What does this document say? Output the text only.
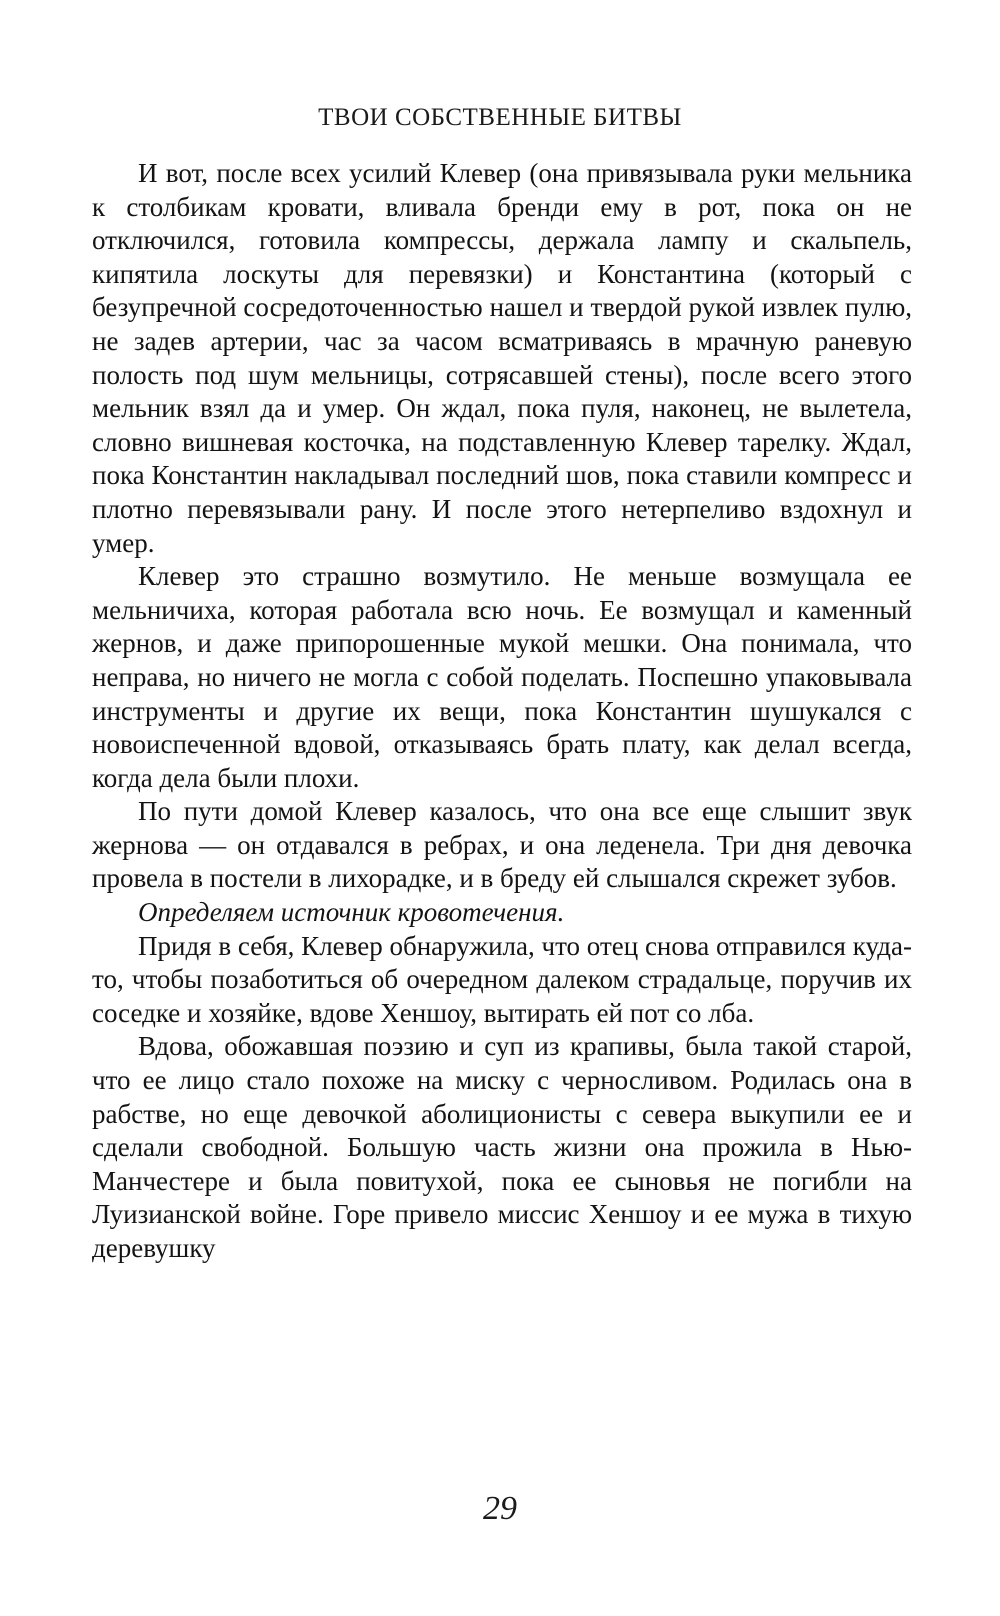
ТВОИ СОБСТВЕННЫЕ БИТВЫ

И вот, после всех усилий Клевер (она привязывала руки мельника к столбикам кровати, вливала бренди ему в рот, пока он не отключился, готовила компрессы, держала лампу и скальпель, кипятила лоскуты для перевязки) и Константина (который с безупречной сосредоточенностью нашел и твердой рукой извлек пулю, не задев артерии, час за часом всматриваясь в мрачную раневую полость под шум мельницы, сотрясавшей стены), после всего этого мельник взял да и умер. Он ждал, пока пуля, наконец, не вылетела, словно вишневая косточка, на подставленную Клевер тарелку. Ждал, пока Константин накладывал последний шов, пока ставили компресс и плотно перевязывали рану. И после этого нетерпеливо вздохнул и умер.

Клевер это страшно возмутило. Не меньше возмущала ее мельничиха, которая работала всю ночь. Ее возмущал и каменный жернов, и даже припорошенные мукой мешки. Она понимала, что неправа, но ничего не могла с собой поделать. Поспешно упаковывала инструменты и другие их вещи, пока Константин шушукался с новоиспеченной вдовой, отказываясь брать плату, как делал всегда, когда дела были плохи.

По пути домой Клевер казалось, что она все еще слышит звук жернова — он отдавался в ребрах, и она леденела. Три дня девочка провела в постели в лихорадке, и в бреду ей слышался скрежет зубов.

Определяем источник кровотечения.

Придя в себя, Клевер обнаружила, что отец снова отправился куда-то, чтобы позаботиться об очередном далеком страдальце, поручив их соседке и хозяйке, вдове Хеншоу, вытирать ей пот со лба.

Вдова, обожавшая поэзию и суп из крапивы, была такой старой, что ее лицо стало похоже на миску с черносливом. Родилась она в рабстве, но еще девочкой аболиционисты с севера выкупили ее и сделали свободной. Большую часть жизни она прожила в Нью-Манчестере и была повитухой, пока ее сыновья не погибли на Луизианской войне. Горе привело миссис Хеншоу и ее мужа в тихую деревушку

29
